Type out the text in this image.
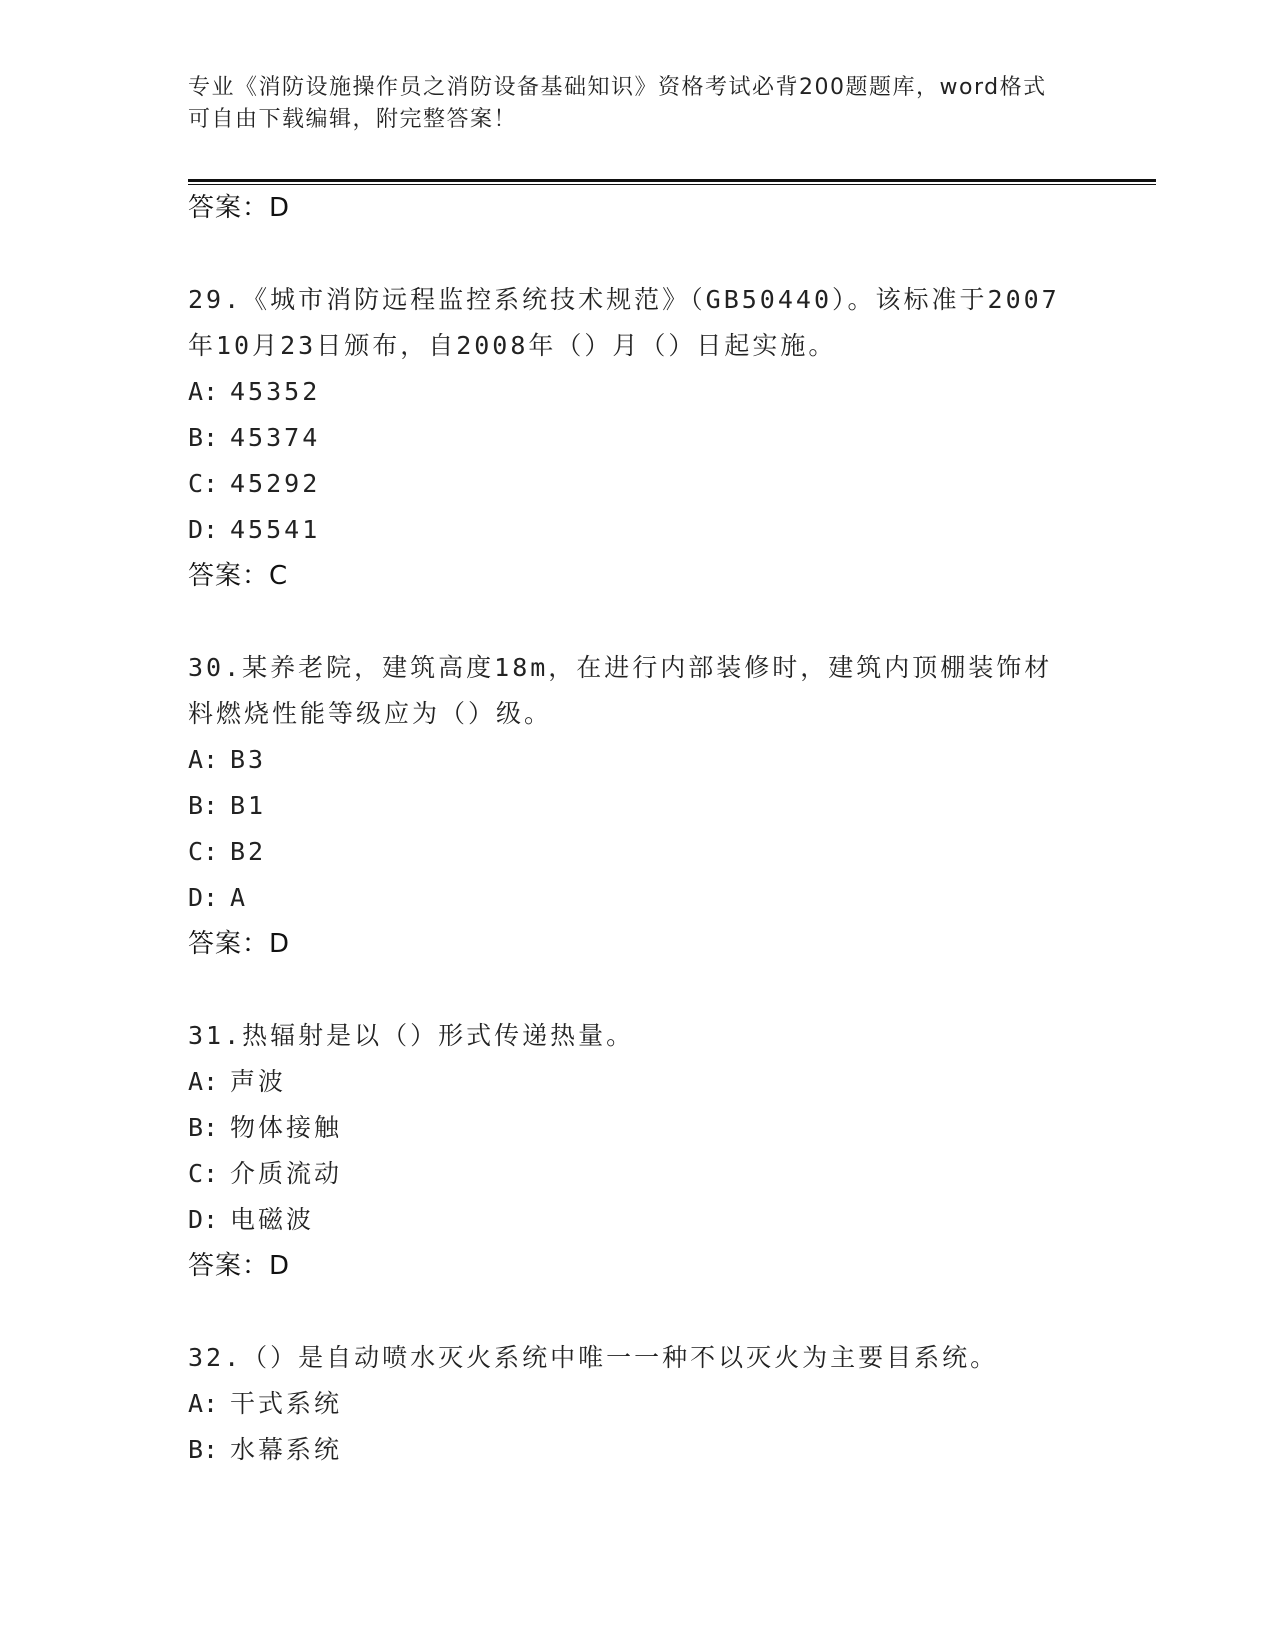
专业《消防设施操作员之消防设备基础知识》资格考试必背200题题库，word格式可自由下载编辑，附完整答案！
答案：D
29.《城市消防远程监控系统技术规范》（GB50440）。该标准于2007年10月23日颁布，自2008年（）月（）日起实施。
A: 45352
B: 45374
C: 45292
D: 45541
答案：C
30.某养老院，建筑高度18m，在进行内部装修时，建筑内顶棚装饰材料燃烧性能等级应为（）级。
A: B3
B: B1
C: B2
D: A
答案：D
31.热辐射是以（）形式传递热量。
A: 声波
B: 物体接触
C: 介质流动
D: 电磁波
答案：D
32.（）是自动喷水灭火系统中唯一一种不以灭火为主要目系统。
A: 干式系统
B: 水幕系统
